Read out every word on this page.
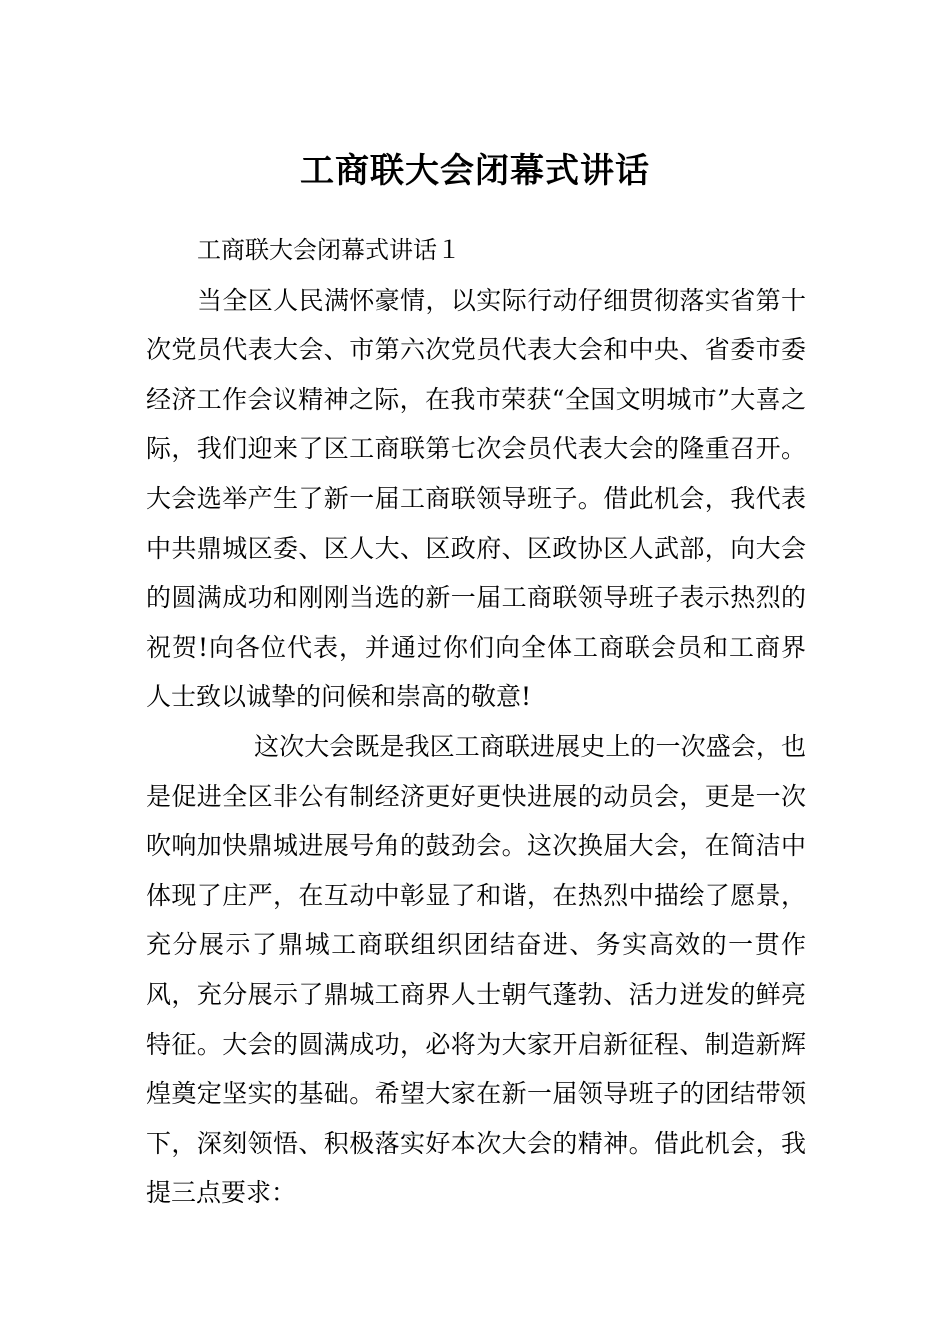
工商联大会闭幕式讲话

工商联大会闭幕式讲话１

当全区人民满怀豪情，以实际行动仔细贯彻落实省第十次党员代表大会、市第六次党员代表大会和中央、省委市委经济工作会议精神之际，在我市荣获“全国文明城市”大喜之际，我们迎来了区工商联第七次会员代表大会的隆重召开。大会选举产生了新一届工商联领导班子。借此机会，我代表中共鼎城区委、区人大、区政府、区政协区人武部，向大会的圆满成功和刚刚当选的新一届工商联领导班子表示热烈的祝贺!向各位代表，并通过你们向全体工商联会员和工商界人士致以诚挚的问候和崇高的敬意!

这次大会既是我区工商联进展史上的一次盛会，也是促进全区非公有制经济更好更快进展的动员会，更是一次吹响加快鼎城进展号角的鼓劲会。这次换届大会，在简洁中体现了庄严，在互动中彰显了和谐，在热烈中描绘了愿景，充分展示了鼎城工商联组织团结奋进、务实高效的一贯作风，充分展示了鼎城工商界人士朝气蓬勃、活力迸发的鲜亮特征。大会的圆满成功，必将为大家开启新征程、制造新辉煌奠定坚实的基础。希望大家在新一届领导班子的团结带领下，深刻领悟、积极落实好本次大会的精神。借此机会，我提三点要求：
